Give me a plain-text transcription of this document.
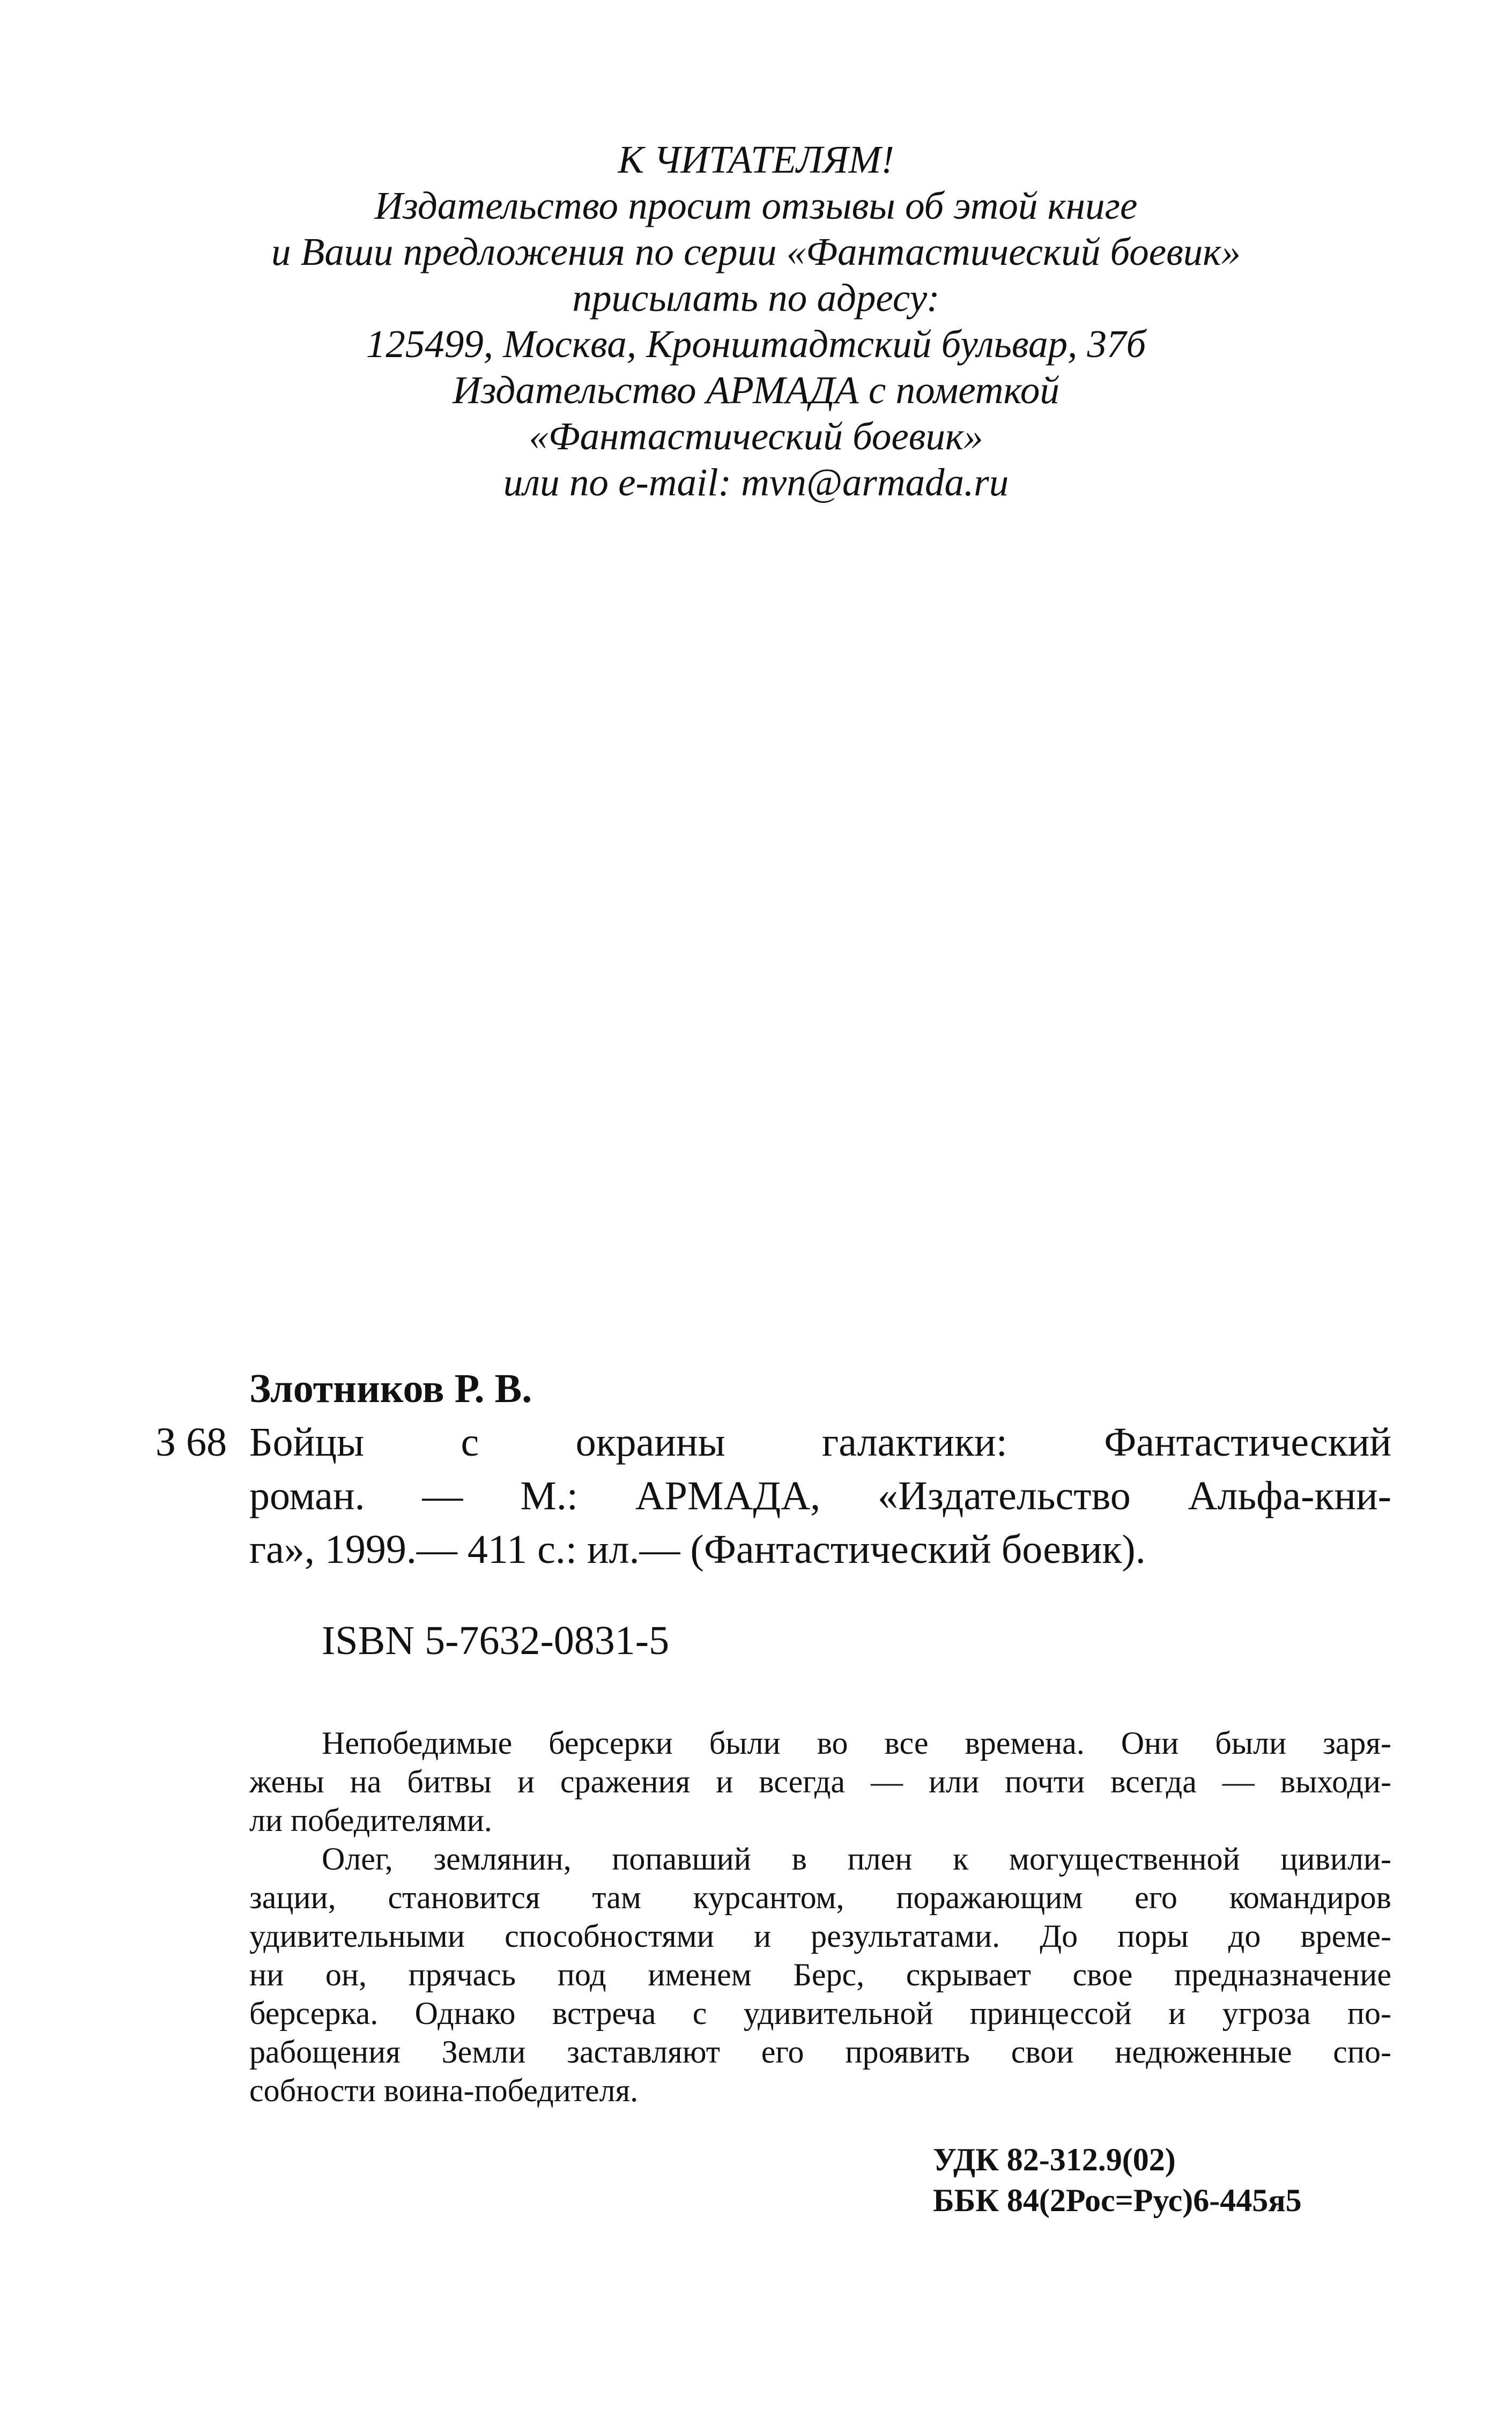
К ЧИТАТЕЛЯМ!
Издательство просит отзывы об этой книге
и Ваши предложения по серии «Фантастический боевик»
присылать по адресу:
125499, Москва, Кронштадтский бульвар, 37б
Издательство АРМАДА с пометкой
«Фантастический боевик»
или по e-mail: mvn@armada.ru
Злотников Р. В.
З 68 Бойцы с окраины галактики: Фантастический
роман. — М.: АРМАДА, «Издательство Альфа-кни-
га», 1999.— 411 с.: ил.— (Фантастический боевик).
ISBN 5-7632-0831-5
Непобедимые берсерки были во все времена. Они были заря-
жены на битвы и сражения и всегда — или почти всегда — выходи-
ли победителями.
Олег, землянин, попавший в плен к могущественной цивили-
зации, становится там курсантом, поражающим его командиров
удивительными способностями и результатами. До поры до време-
ни он, прячась под именем Берс, скрывает свое предназначение
берсерка. Однако встреча с удивительной принцессой и угроза по-
рабощения Земли заставляют его проявить свои недюженные спо-
собности воина-победителя.
УДК 82-312.9(02)
ББК 84(2Рос=Рус)6-445я5
